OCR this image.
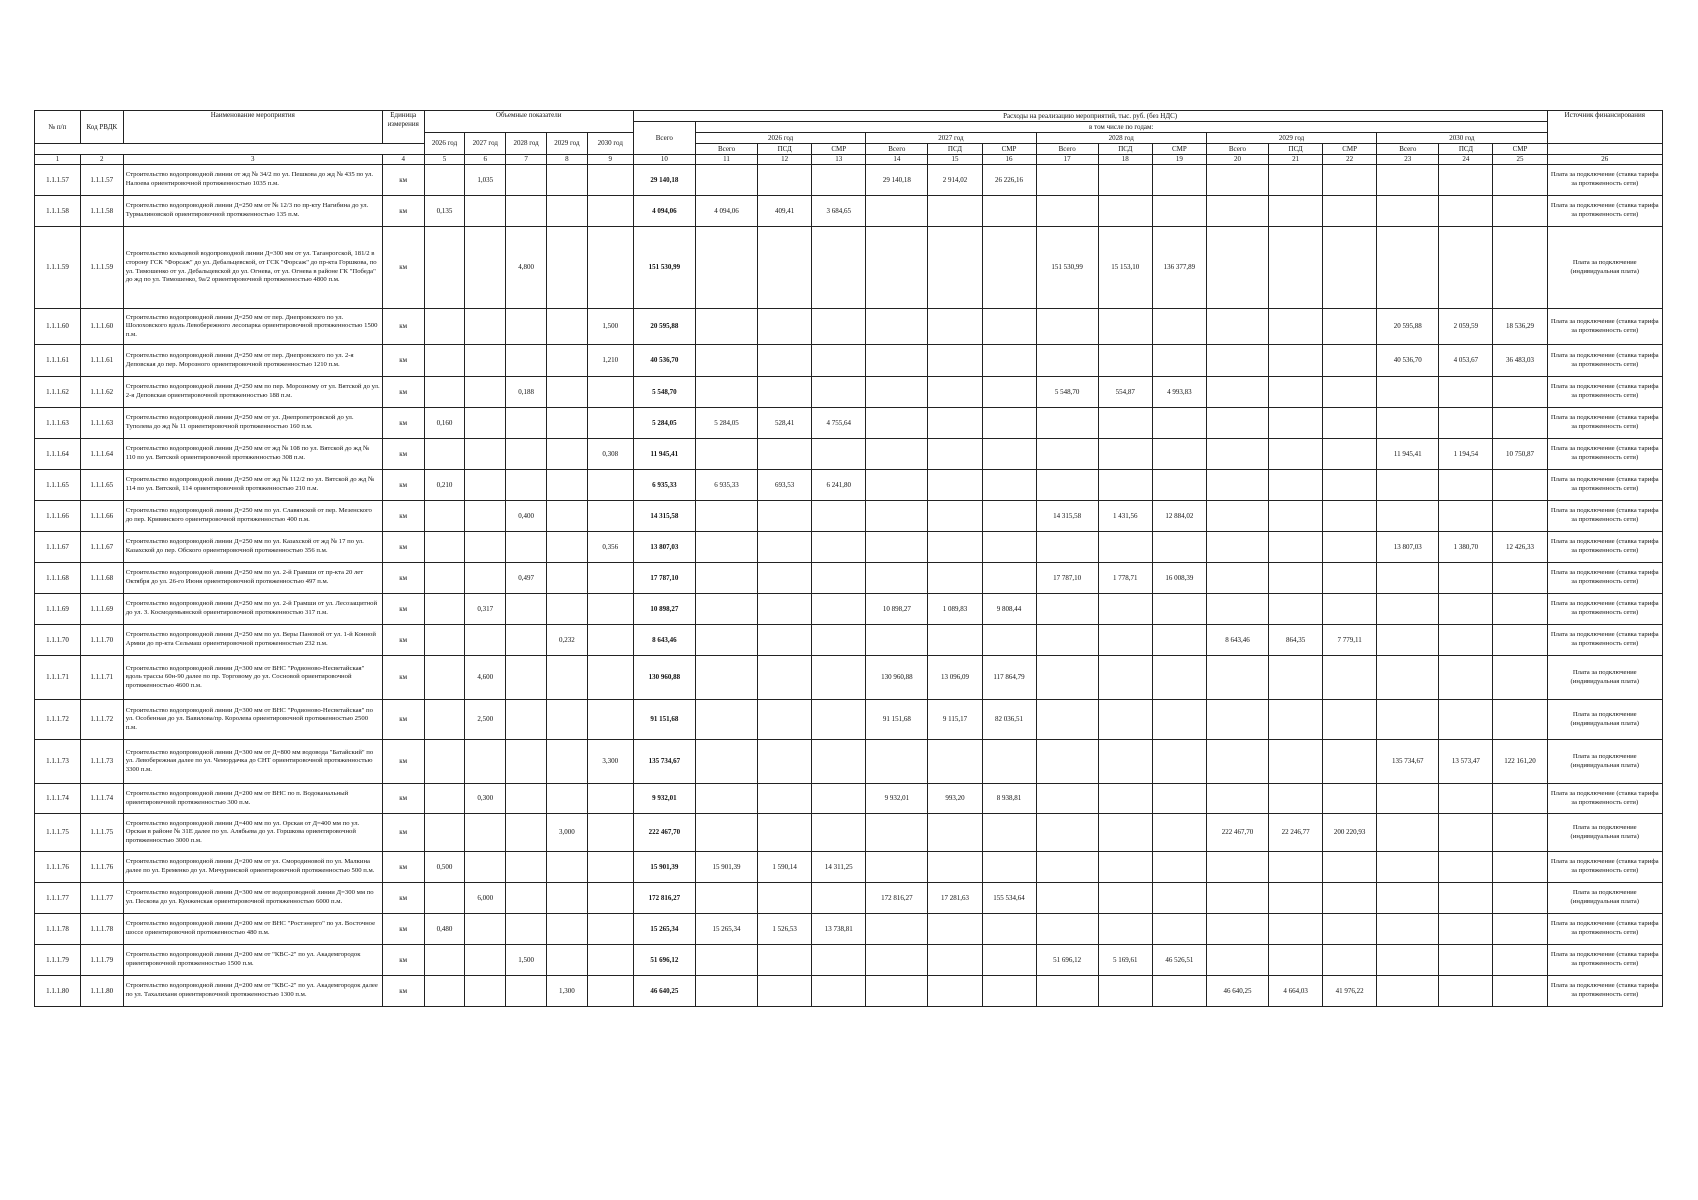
№ п/п	Код РВДК	Наименование мероприятия	Единица измерения	Объемные показатели					Расходы на реализацию мероприятий, тыс. руб. (без НДС)																Источник финансирования
									Всего	в том числе по годам:															
				2026 год	2027 год	2028 год	2029 год	2030 год		2026 год			2027 год			2028 год			2029 год			2030 год			
										Всего	ПСД	СМР	Всего	ПСД	СМР	Всего	ПСД	СМР	Всего	ПСД	СМР	Всего	ПСД	СМР	
1	2	3	4	5	6	7	8	9	10	11	12	13	14	15	16	17	18	19	20	21	22	23	24	25	26
1.1.1.57	1.1.1.57	Строительство водопроводной линии от жд № 34/2 по ул. Пешкова до жд № 435 по ул. Налоева ориентировочной протяженностью 1035 п.м.	км		1,035				29 140,18				29 140,18	2 914,02	26 226,16										Плата за подключение (ставка тарифа за протяженность сети)
1.1.1.58	1.1.1.58	Строительство водопроводной линии Д=250 мм от № 12/3 по пр-кту Нагибина до ул. Турмалиновской ориентировочной протяженностью 135 п.м.	км	0,135					4 094,06	4 094,06	409,41	3 684,65													Плата за подключение (ставка тарифа за протяженность сети)
1.1.1.59	1.1.1.59	Строительство кольцевой водопроводной линии Д=300 мм от ул. Таганрогской, 181/2 в сторону ГСК "Форсаж" до ул. Дебальцевской, от ГСК "Форсаж" до пр-кта Горшкова, по ул. Тимошенко от ул. Дебальцевской до ул. Огнева, от ул. Огнева в районе ГК "Победа" до жд по ул. Тимошенко, 9а/2 ориентировочной протяженностью 4800 п.м.	км			4,800			151 530,99							151 530,99	15 153,10	136 377,89							Плата за подключение (индивидуальная плата)
1.1.1.60	1.1.1.60	Строительство водопроводной линии Д=250 мм от пер. Днепровского по ул. Шолоховского вдоль Левобережного лесопарка ориентировочной протяженностью 1500 п.м.	км					1,500	20 595,88													20 595,88	2 059,59	18 536,29	Плата за подключение (ставка тарифа за протяженность сети)
1.1.1.61	1.1.1.61	Строительство водопроводной линии Д=250 мм от пер. Днепровского по ул. 2-я Деповская до пер. Морозного ориентировочной протяженностью 1210 п.м.	км					1,210	40 536,70													40 536,70	4 053,67	36 483,03	Плата за подключение (ставка тарифа за протяженность сети)
1.1.1.62	1.1.1.62	Строительство водопроводной линии Д=250 мм по пер. Морозному от ул. Вятской до ул. 2-я Деповская ориентировочной протяженностью 188 п.м.	км			0,188			5 548,70							5 548,70	554,87	4 993,83							Плата за подключение (ставка тарифа за протяженность сети)
1.1.1.63	1.1.1.63	Строительство водопроводной линии Д=250 мм от ул. Днепропетровской до ул. Туполева до жд № 11 ориентировочной протяженностью 160 п.м.	км	0,160					5 284,05	5 284,05	528,41	4 755,64													Плата за подключение (ставка тарифа за протяженность сети)
1.1.1.64	1.1.1.64	Строительство водопроводной линии Д=250 мм от жд № 108 по ул. Вятской до жд № 110 по ул. Вятской ориентировочной протяженностью 308 п.м.	км					0,308	11 945,41													11 945,41	1 194,54	10 750,87	Плата за подключение (ставка тарифа за протяженность сети)
1.1.1.65	1.1.1.65	Строительство водопроводной линии Д=250 мм от жд № 112/2 по ул. Вятской до жд № 114 по ул. Вятской, 114 ориентировочной протяженностью 210 п.м.	км	0,210					6 935,33	6 935,33	693,53	6 241,80													Плата за подключение (ставка тарифа за протяженность сети)
1.1.1.66	1.1.1.66	Строительство водопроводной линии Д=250 мм по ул. Славянской от пер. Мезенского до пер. Кривянского ориентировочной протяженностью 400 п.м.	км			0,400			14 315,58							14 315,58	1 431,56	12 884,02							Плата за подключение (ставка тарифа за протяженность сети)
1.1.1.67	1.1.1.67	Строительство водопроводной линии Д=250 мм по ул. Казахской от жд № 17 по ул. Казахской до пер. Обского ориентировочной протяженностью 356 п.м.	км					0,356	13 807,03													13 807,03	1 380,70	12 426,33	Плата за подключение (ставка тарифа за протяженность сети)
1.1.1.68	1.1.1.68	Строительство водопроводной линии Д=250 мм по ул. 2-й Грамши от пр-кта 20 лет Октября до ул. 26-го Июня ориентировочной протяженностью 497 п.м.	км			0,497			17 787,10							17 787,10	1 778,71	16 008,39							Плата за подключение (ставка тарифа за протяженность сети)
1.1.1.69	1.1.1.69	Строительство водопроводной линии Д=250 мм по ул. 2-й Грамши от ул. Лесозащитной до ул. З. Космодемьянской ориентировочной протяженностью 317 п.м.	км		0,317				10 898,27				10 898,27	1 089,83	9 808,44										Плата за подключение (ставка тарифа за протяженность сети)
1.1.1.70	1.1.1.70	Строительство водопроводной линии Д=250 мм по ул. Веры Пановой от ул. 1-й Конной Армии до пр-кта Сельмаш ориентировочной протяженностью 232 п.м.	км				0,232		8 643,46										8 643,46	864,35	7 779,11				Плата за подключение (ставка тарифа за протяженность сети)
1.1.1.71	1.1.1.71	Строительство водопроводной линии Д=300 мм от ВНС "Родионово-Несветайская" вдоль трассы 60н-90 далее по пр. Торговому до ул. Сосновой ориентировочной протяженностью 4600 п.м.	км		4,600				130 960,88				130 960,88	13 096,09	117 864,79										Плата за подключение (индивидуальная плата)
1.1.1.72	1.1.1.72	Строительство водопроводной линии Д=300 мм от ВНС "Родионово-Несветайская" по ул. Особенная до ул. Вавилова/пр. Королева ориентировочной протяженностью 2500 п.м.	км		2,500				91 151,68				91 151,68	9 115,17	82 036,51										Плата за подключение (индивидуальная плата)
1.1.1.73	1.1.1.73	Строительство водопроводной линии Д=300 мм от Д=800 мм водовода "Батайский" по ул. Левобережная далее по ул. Чемордачка до СНТ ориентировочной протяженностью 3300 п.м.	км					3,300	135 734,67													135 734,67	13 573,47	122 161,20	Плата за подключение (индивидуальная плата)
1.1.1.74	1.1.1.74	Строительство водопроводной линии Д=200 мм от ВНС по п. Водоканальный ориентировочной протяженностью 300 п.м.	км		0,300				9 932,01				9 932,01	993,20	8 938,81										Плата за подключение (ставка тарифа за протяженность сети)
1.1.1.75	1.1.1.75	Строительство водопроводной линии Д=400 мм по ул. Орская от Д=400 мм по ул. Орская в районе № 31Е далее по ул. Алябьева до ул. Горшкова ориентировочной протяженностью 3000 п.м.	км				3,000		222 467,70										222 467,70	22 246,77	200 220,93				Плата за подключение (индивидуальная плата)
1.1.1.76	1.1.1.76	Строительство водопроводной линии Д=200 мм от ул. Смородиновой по ул. Малкина далее по ул. Еременко до ул. Мичуринской ориентировочной протяженностью 500 п.м.	км	0,500					15 901,39	15 901,39	1 590,14	14 311,25													Плата за подключение (ставка тарифа за протяженность сети)
1.1.1.77	1.1.1.77	Строительство водопроводной линии Д=300 мм от водопроводной линии Д=300 мм по ул. Пескова до ул. Кунженская ориентировочной протяженностью 6000 п.м.	км		6,000				172 816,27				172 816,27	17 281,63	155 534,64										Плата за подключение (индивидуальная плата)
1.1.1.78	1.1.1.78	Строительство водопроводной линии Д=200 мм от ВНС "Ростэнерго" по ул. Восточное шоссе ориентировочной протяженностью 480 п.м.	км	0,480					15 265,34	15 265,34	1 526,53	13 738,81													Плата за подключение (ставка тарифа за протяженность сети)
1.1.1.79	1.1.1.79	Строительство водопроводной линии Д=200 мм от "КВС-2" по ул. Академгородок ориентировочной протяженностью 1500 п.м.	км			1,500			51 696,12							51 696,12	5 169,61	46 526,51							Плата за подключение (ставка тарифа за протяженность сети)
1.1.1.80	1.1.1.80	Строительство водопроводной линии Д=200 мм от "КВС-2" по ул. Академгородок далее по ул. Тахалиханя ориентировочной протяженностью 1300 п.м.	км				1,300		46 640,25										46 640,25	4 664,03	41 976,22				Плата за подключение (ставка тарифа за протяженность сети)
